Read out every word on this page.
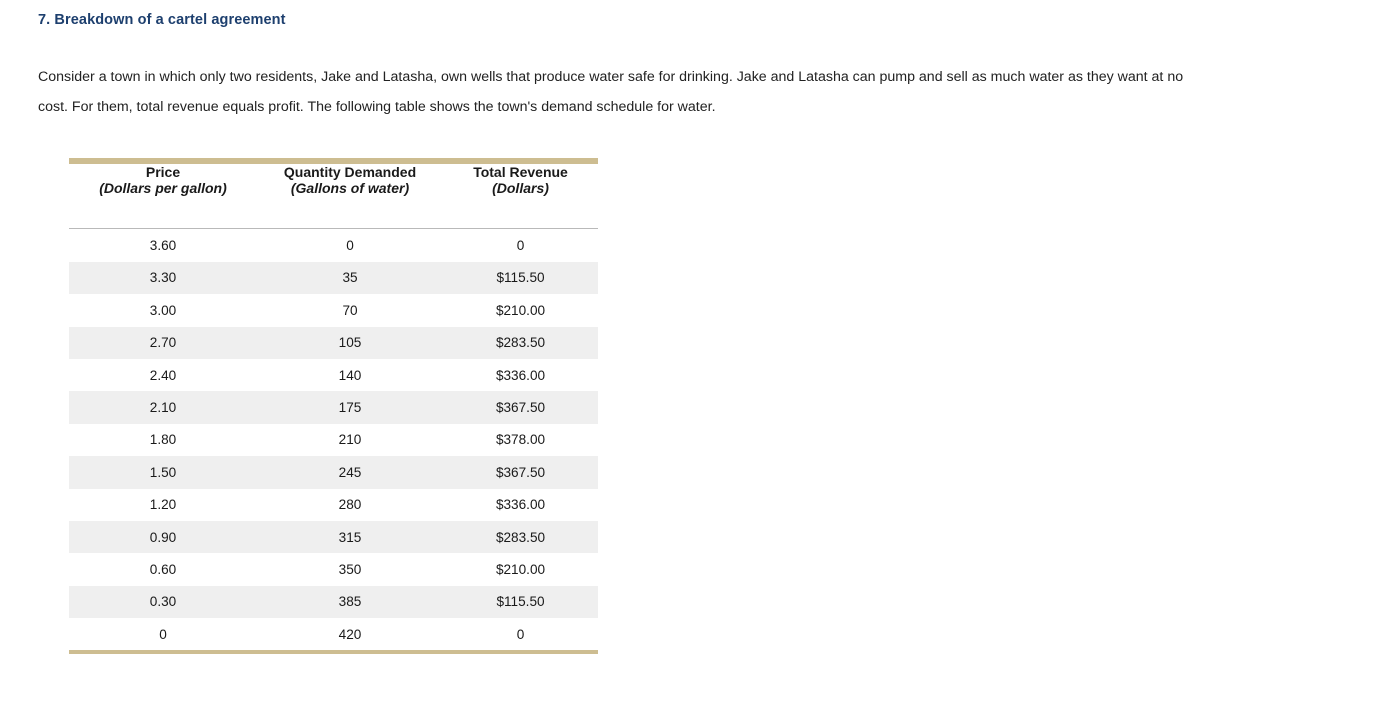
7. Breakdown of a cartel agreement
Consider a town in which only two residents, Jake and Latasha, own wells that produce water safe for drinking. Jake and Latasha can pump and sell as much water as they want at no cost. For them, total revenue equals profit. The following table shows the town's demand schedule for water.

Price	Quantity Demanded	Total Revenue
(Dollars per gallon)	(Gallons of water)	(Dollars)

3.60	0	0
3.30	35	$115.50
3.00	70	$210.00
2.70	105	$283.50
2.40	140	$336.00
2.10	175	$367.50
1.80	210	$378.00
1.50	245	$367.50
1.20	280	$336.00
0.90	315	$283.50
0.60	350	$210.00
0.30	385	$115.50
0	420	0
